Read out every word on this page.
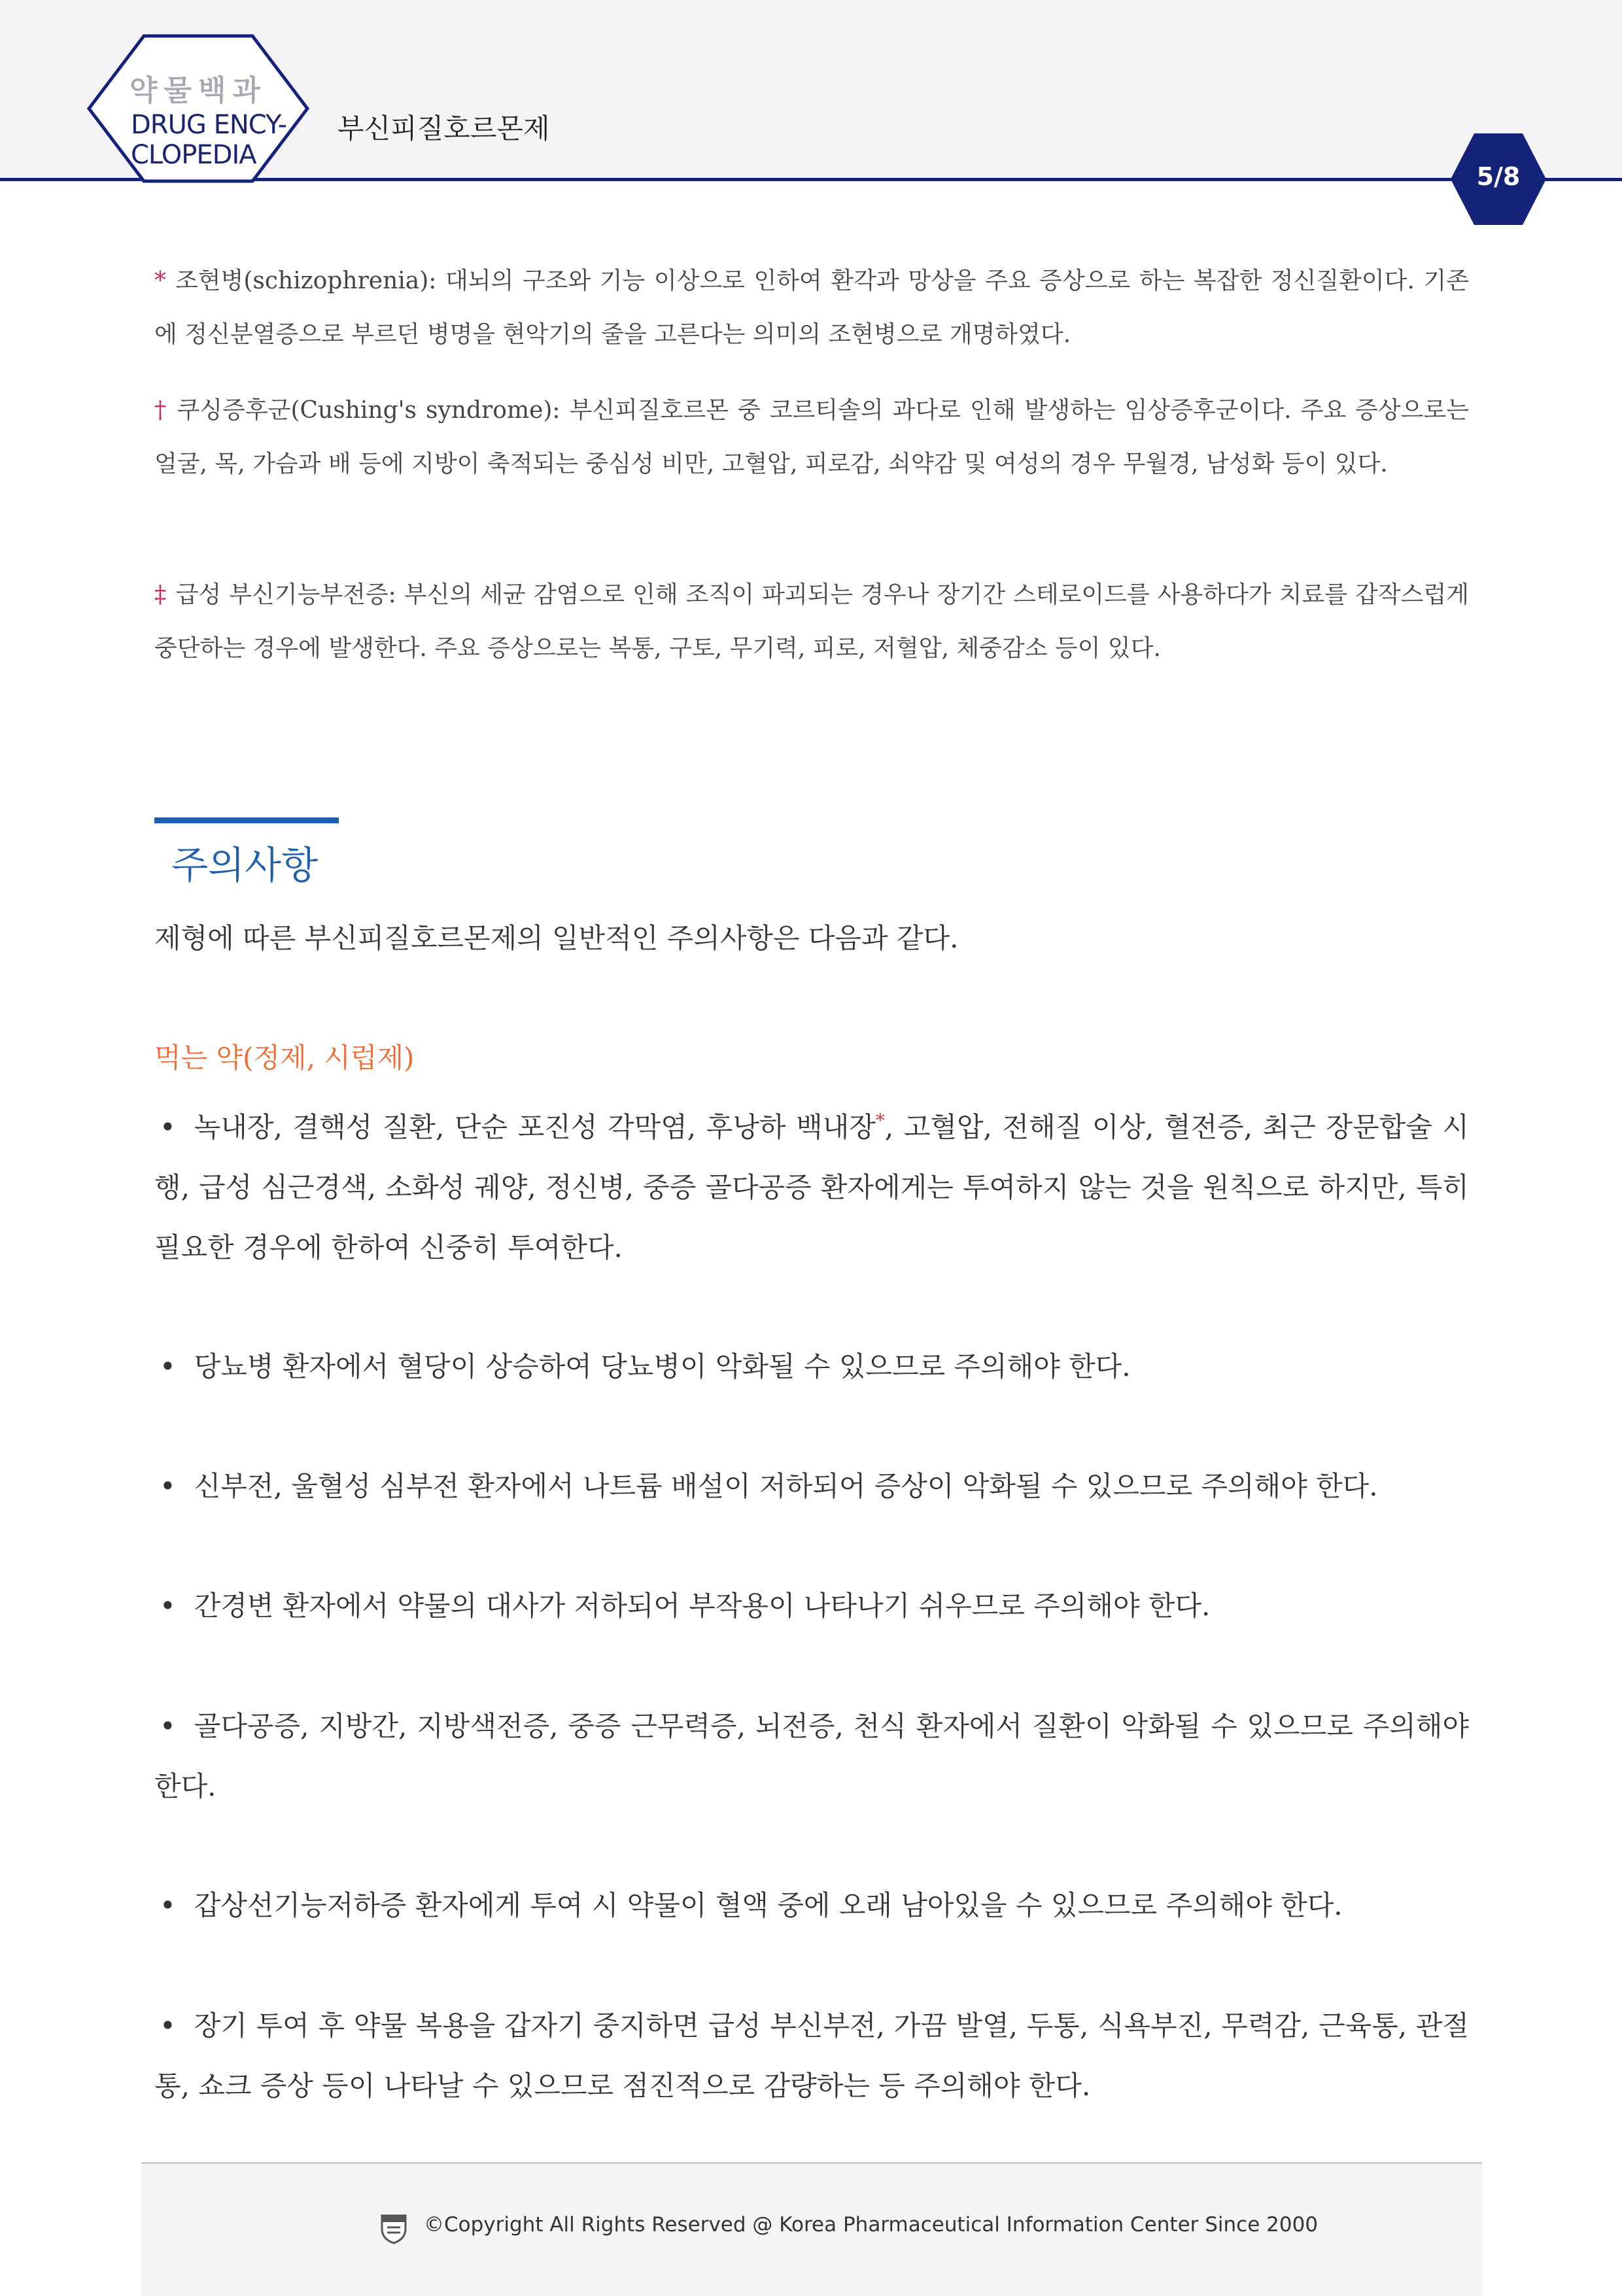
약물백과
DRUG ENCY-
CLOPEDIA
부신피질호르몬제
5/8

* 조현병(schizophrenia): 대뇌의 구조와 기능 이상으로 인하여 환각과 망상을 주요 증상으로 하는 복잡한 정신질환이다. 기존에 정신분열증으로 부르던 병명을 현악기의 줄을 고른다는 의미의 조현병으로 개명하였다.

† 쿠싱증후군(Cushing's syndrome): 부신피질호르몬 중 코르티솔의 과다로 인해 발생하는 임상증후군이다. 주요 증상으로는 얼굴, 목, 가슴과 배 등에 지방이 축적되는 중심성 비만, 고혈압, 피로감, 쇠약감 및 여성의 경우 무월경, 남성화 등이 있다.

‡ 급성 부신기능부전증: 부신의 세균 감염으로 인해 조직이 파괴되는 경우나 장기간 스테로이드를 사용하다가 치료를 갑작스럽게 중단하는 경우에 발생한다. 주요 증상으로는 복통, 구토, 무기력, 피로, 저혈압, 체중감소 등이 있다.

주의사항
제형에 따른 부신피질호르몬제의 일반적인 주의사항은 다음과 같다.
먹는 약(정제, 시럽제)

• 녹내장, 결핵성 질환, 단순 포진성 각막염, 후낭하 백내장*, 고혈압, 전해질 이상, 혈전증, 최근 장문합술 시행, 급성 심근경색, 소화성 궤양, 정신병, 중증 골다공증 환자에게는 투여하지 않는 것을 원칙으로 하지만, 특히 필요한 경우에 한하여 신중히 투여한다.

• 당뇨병 환자에서 혈당이 상승하여 당뇨병이 악화될 수 있으므로 주의해야 한다.

• 신부전, 울혈성 심부전 환자에서 나트륨 배설이 저하되어 증상이 악화될 수 있으므로 주의해야 한다.

• 간경변 환자에서 약물의 대사가 저하되어 부작용이 나타나기 쉬우므로 주의해야 한다.

• 골다공증, 지방간, 지방색전증, 중증 근무력증, 뇌전증, 천식 환자에서 질환이 악화될 수 있으므로 주의해야 한다.

• 갑상선기능저하증 환자에게 투여 시 약물이 혈액 중에 오래 남아있을 수 있으므로 주의해야 한다.

• 장기 투여 후 약물 복용을 갑자기 중지하면 급성 부신부전, 가끔 발열, 두통, 식욕부진, 무력감, 근육통, 관절통, 쇼크 증상 등이 나타날 수 있으므로 점진적으로 감량하는 등 주의해야 한다.

©Copyright All Rights Reserved @ Korea Pharmaceutical Information Center Since 2000
